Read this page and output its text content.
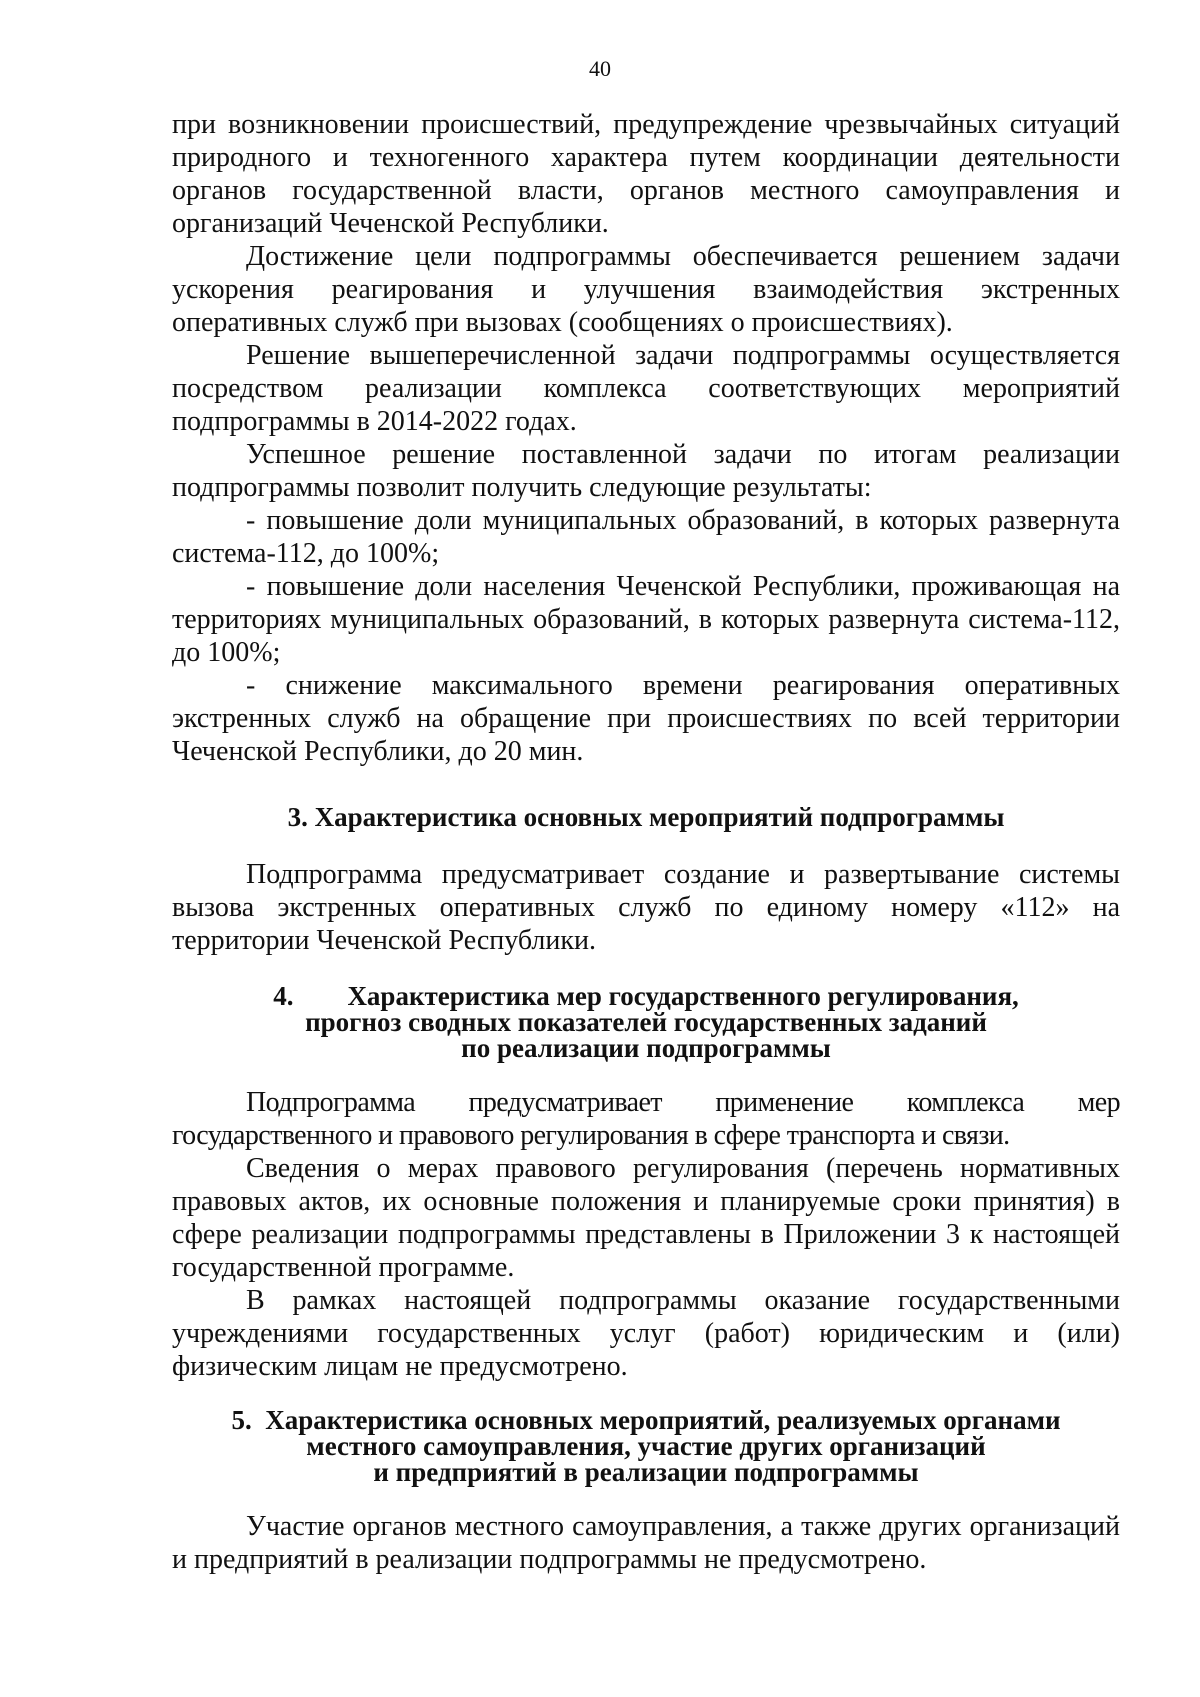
40

при возникновении происшествий, предупреждение чрезвычайных ситуаций природного и техногенного характера путем координации деятельности органов государственной власти, органов местного самоуправления и организаций Чеченской Республики.

Достижение цели подпрограммы обеспечивается решением задачи ускорения реагирования и улучшения взаимодействия экстренных оперативных служб при вызовах (сообщениях о происшествиях).

Решение вышеперечисленной задачи подпрограммы осуществляется посредством реализации комплекса соответствующих мероприятий подпрограммы в 2014-2022 годах.

Успешное решение поставленной задачи по итогам реализации подпрограммы позволит получить следующие результаты:

- повышение доли муниципальных образований, в которых развернута система-112, до 100%;

- повышение доли населения Чеченской Республики, проживающая на территориях муниципальных образований, в которых развернута система-112, до 100%;

- снижение максимального времени реагирования оперативных экстренных служб на обращение при происшествиях по всей территории Чеченской Республики, до 20 мин.

3. Характеристика основных мероприятий подпрограммы

Подпрограмма предусматривает создание и развертывание системы вызова экстренных оперативных служб по единому номеру «112» на территории Чеченской Республики.

4.        Характеристика мер государственного регулирования,
прогноз сводных показателей государственных заданий
по реализации подпрограммы

Подпрограмма предусматривает применение комплекса мер государственного и правового регулирования в сфере транспорта и связи.

Сведения о мерах правового регулирования (перечень нормативных правовых актов, их основные положения и планируемые сроки принятия) в сфере реализации подпрограммы представлены в Приложении 3 к настоящей государственной программе.

В рамках настоящей подпрограммы оказание государственными учреждениями государственных услуг (работ) юридическим и (или) физическим лицам не предусмотрено.

5.  Характеристика основных мероприятий, реализуемых органами
местного самоуправления, участие других организаций
и предприятий в реализации подпрограммы

Участие органов местного самоуправления, а также других организаций и предприятий в реализации подпрограммы не предусмотрено.
